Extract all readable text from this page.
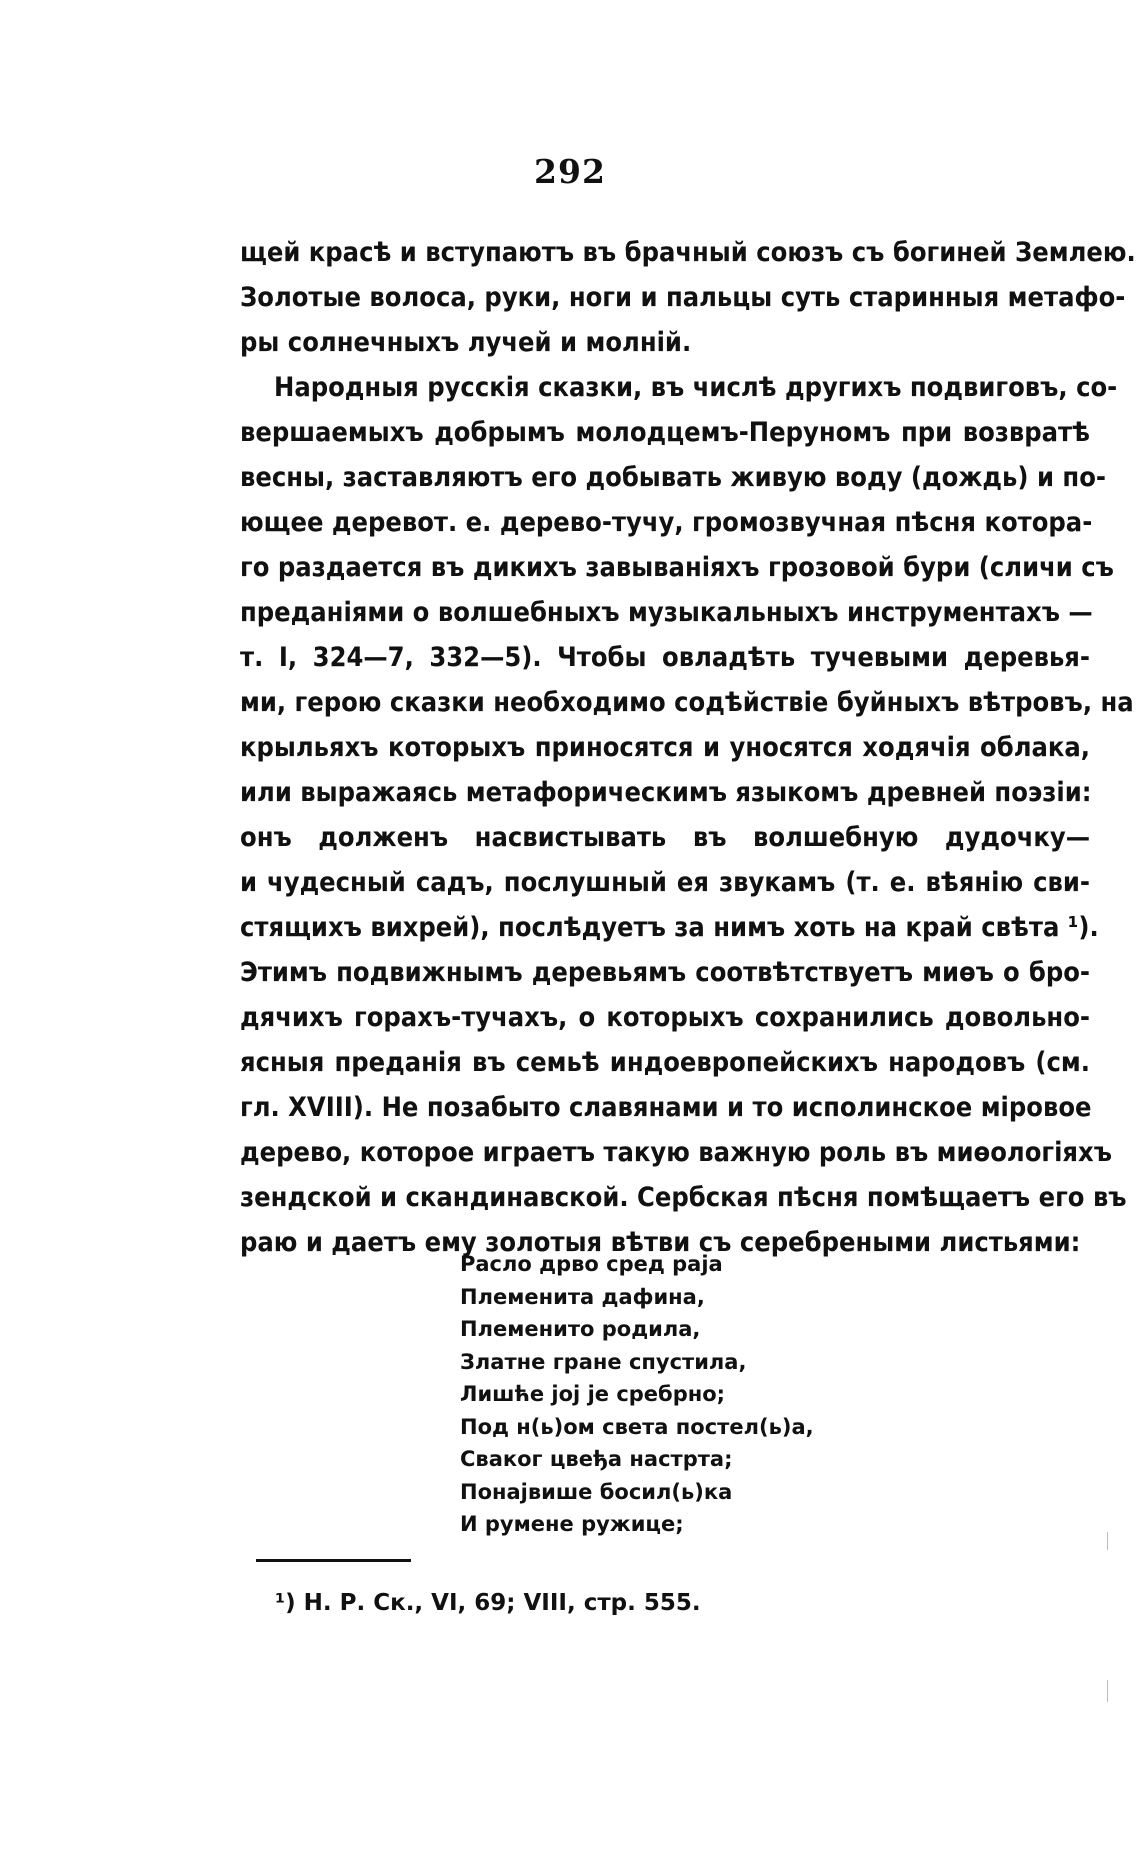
292
щей красѣ и вступаютъ въ брачный союзъ съ богиней Землею.
Золотые волоса, руки, ноги и пальцы суть старинныя метафо-
ры солнечныхъ лучей и молній.
Народныя русскія сказки, въ числѣ другихъ подвиговъ, со-
вершаемыхъ добрымъ молодцемъ-Перуномъ при возвратѣ
весны, заставляютъ его добывать живую воду (дождь) и по-
ющее деревот. е. дерево-тучу, громозвучная пѣсня котора-
го раздается въ дикихъ завываніяхъ грозовой бури (сличи съ
преданіями о волшебныхъ музыкальныхъ инструментахъ —
т. I, 324—7, 332—5). Чтобы овладѣть тучевыми деревья-
ми, герою сказки необходимо содѣйствіе буйныхъ вѣтровъ, на
крыльяхъ которыхъ приносятся и уносятся ходячія облака,
или выражаясь метафорическимъ языкомъ древней поэзіи:
онъ долженъ насвистывать въ волшебную дудочку—
и чудесный садъ, послушный ея звукамъ (т. е. вѣянію сви-
стящихъ вихрей), послѣдуетъ за нимъ хоть на край свѣта ¹).
Этимъ подвижнымъ деревьямъ соотвѣтствуетъ миѳъ о бро-
дячихъ горахъ-тучахъ, о которыхъ сохранились довольно-
ясныя преданія въ семьѣ индоевропейскихъ народовъ (см.
гл. XVIII). Не позабыто славянами и то исполинское міровое
дерево, которое играетъ такую важную роль въ миѳологіяхъ
зендской и скандинавской. Сербская пѣсня помѣщаетъ его въ
раю и даетъ ему золотыя вѣтви съ серебреными листьями:
Расло дрво сред раја
Племенита дафина,
Племенито родила,
Златне гране спустила,
Лишће јој је сребрно;
Под н(ь)ом света постел(ь)а,
Сваког цвеђа настрта;
Понајвише босил(ь)ка
И румене ружице;
¹) Н. Р. Ск., VI, 69; VIII, стр. 555.
